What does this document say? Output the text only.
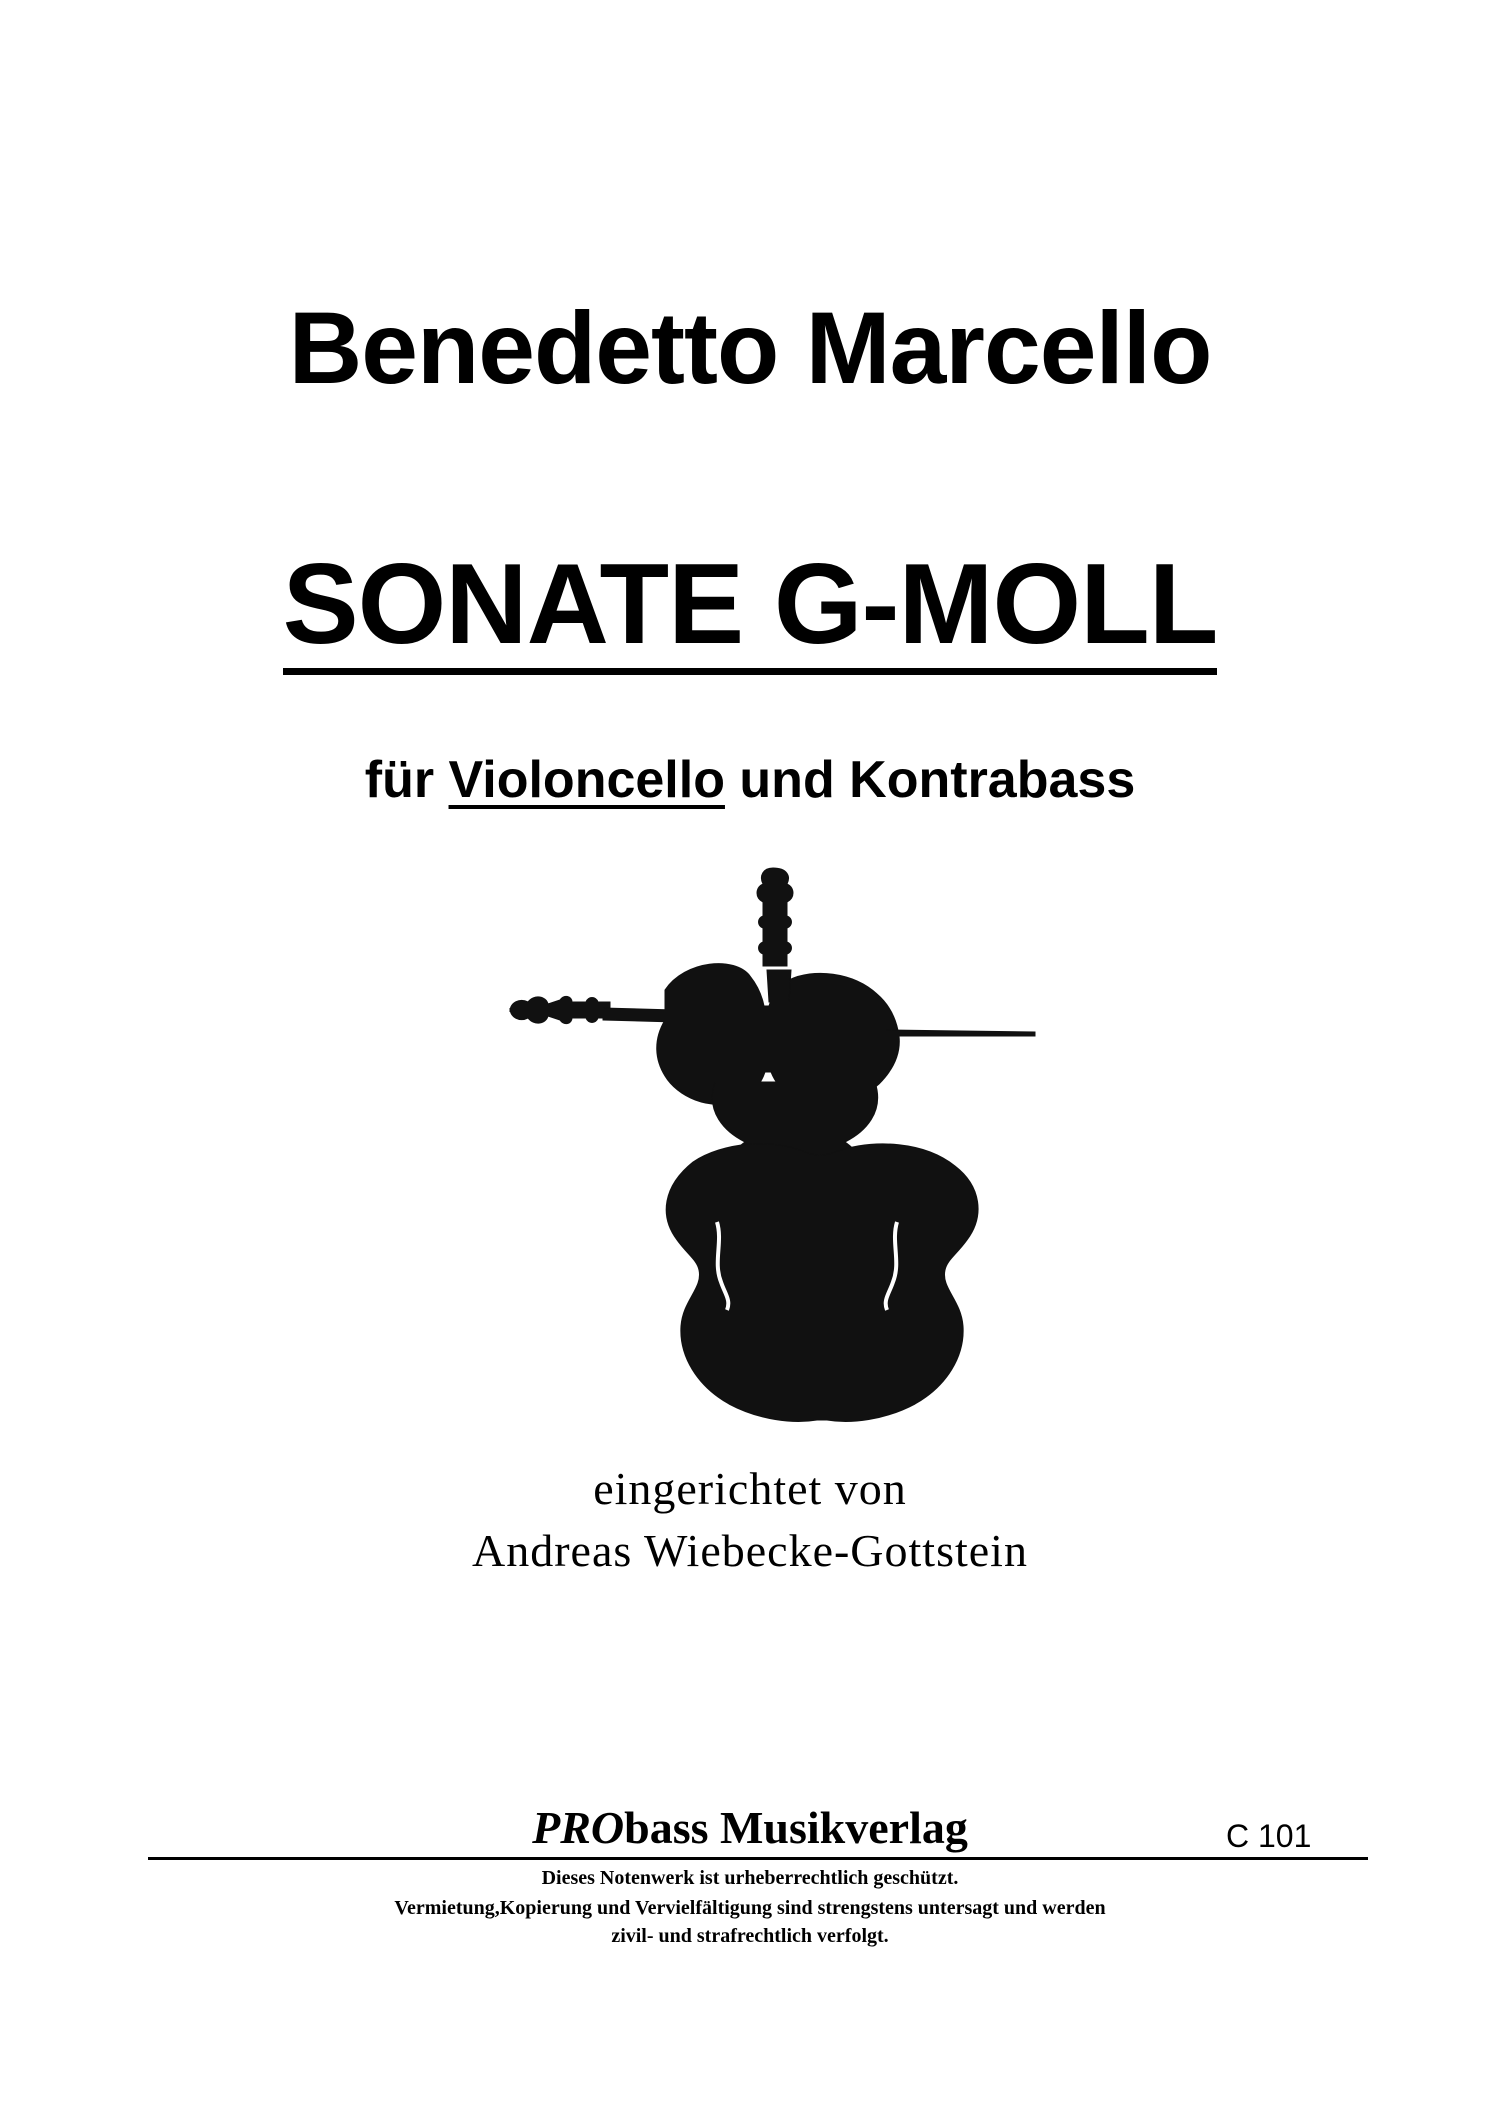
Benedetto Marcello
SONATE G-MOLL
für Violoncello und Kontrabass
eingerichtet von
Andreas Wiebecke-Gottstein
PRObass Musikverlag	C 101
Dieses Notenwerk ist urheberrechtlich geschützt.
Vermietung,Kopierung und Vervielfältigung sind strengstens untersagt und werden
zivil- und strafrechtlich verfolgt.
